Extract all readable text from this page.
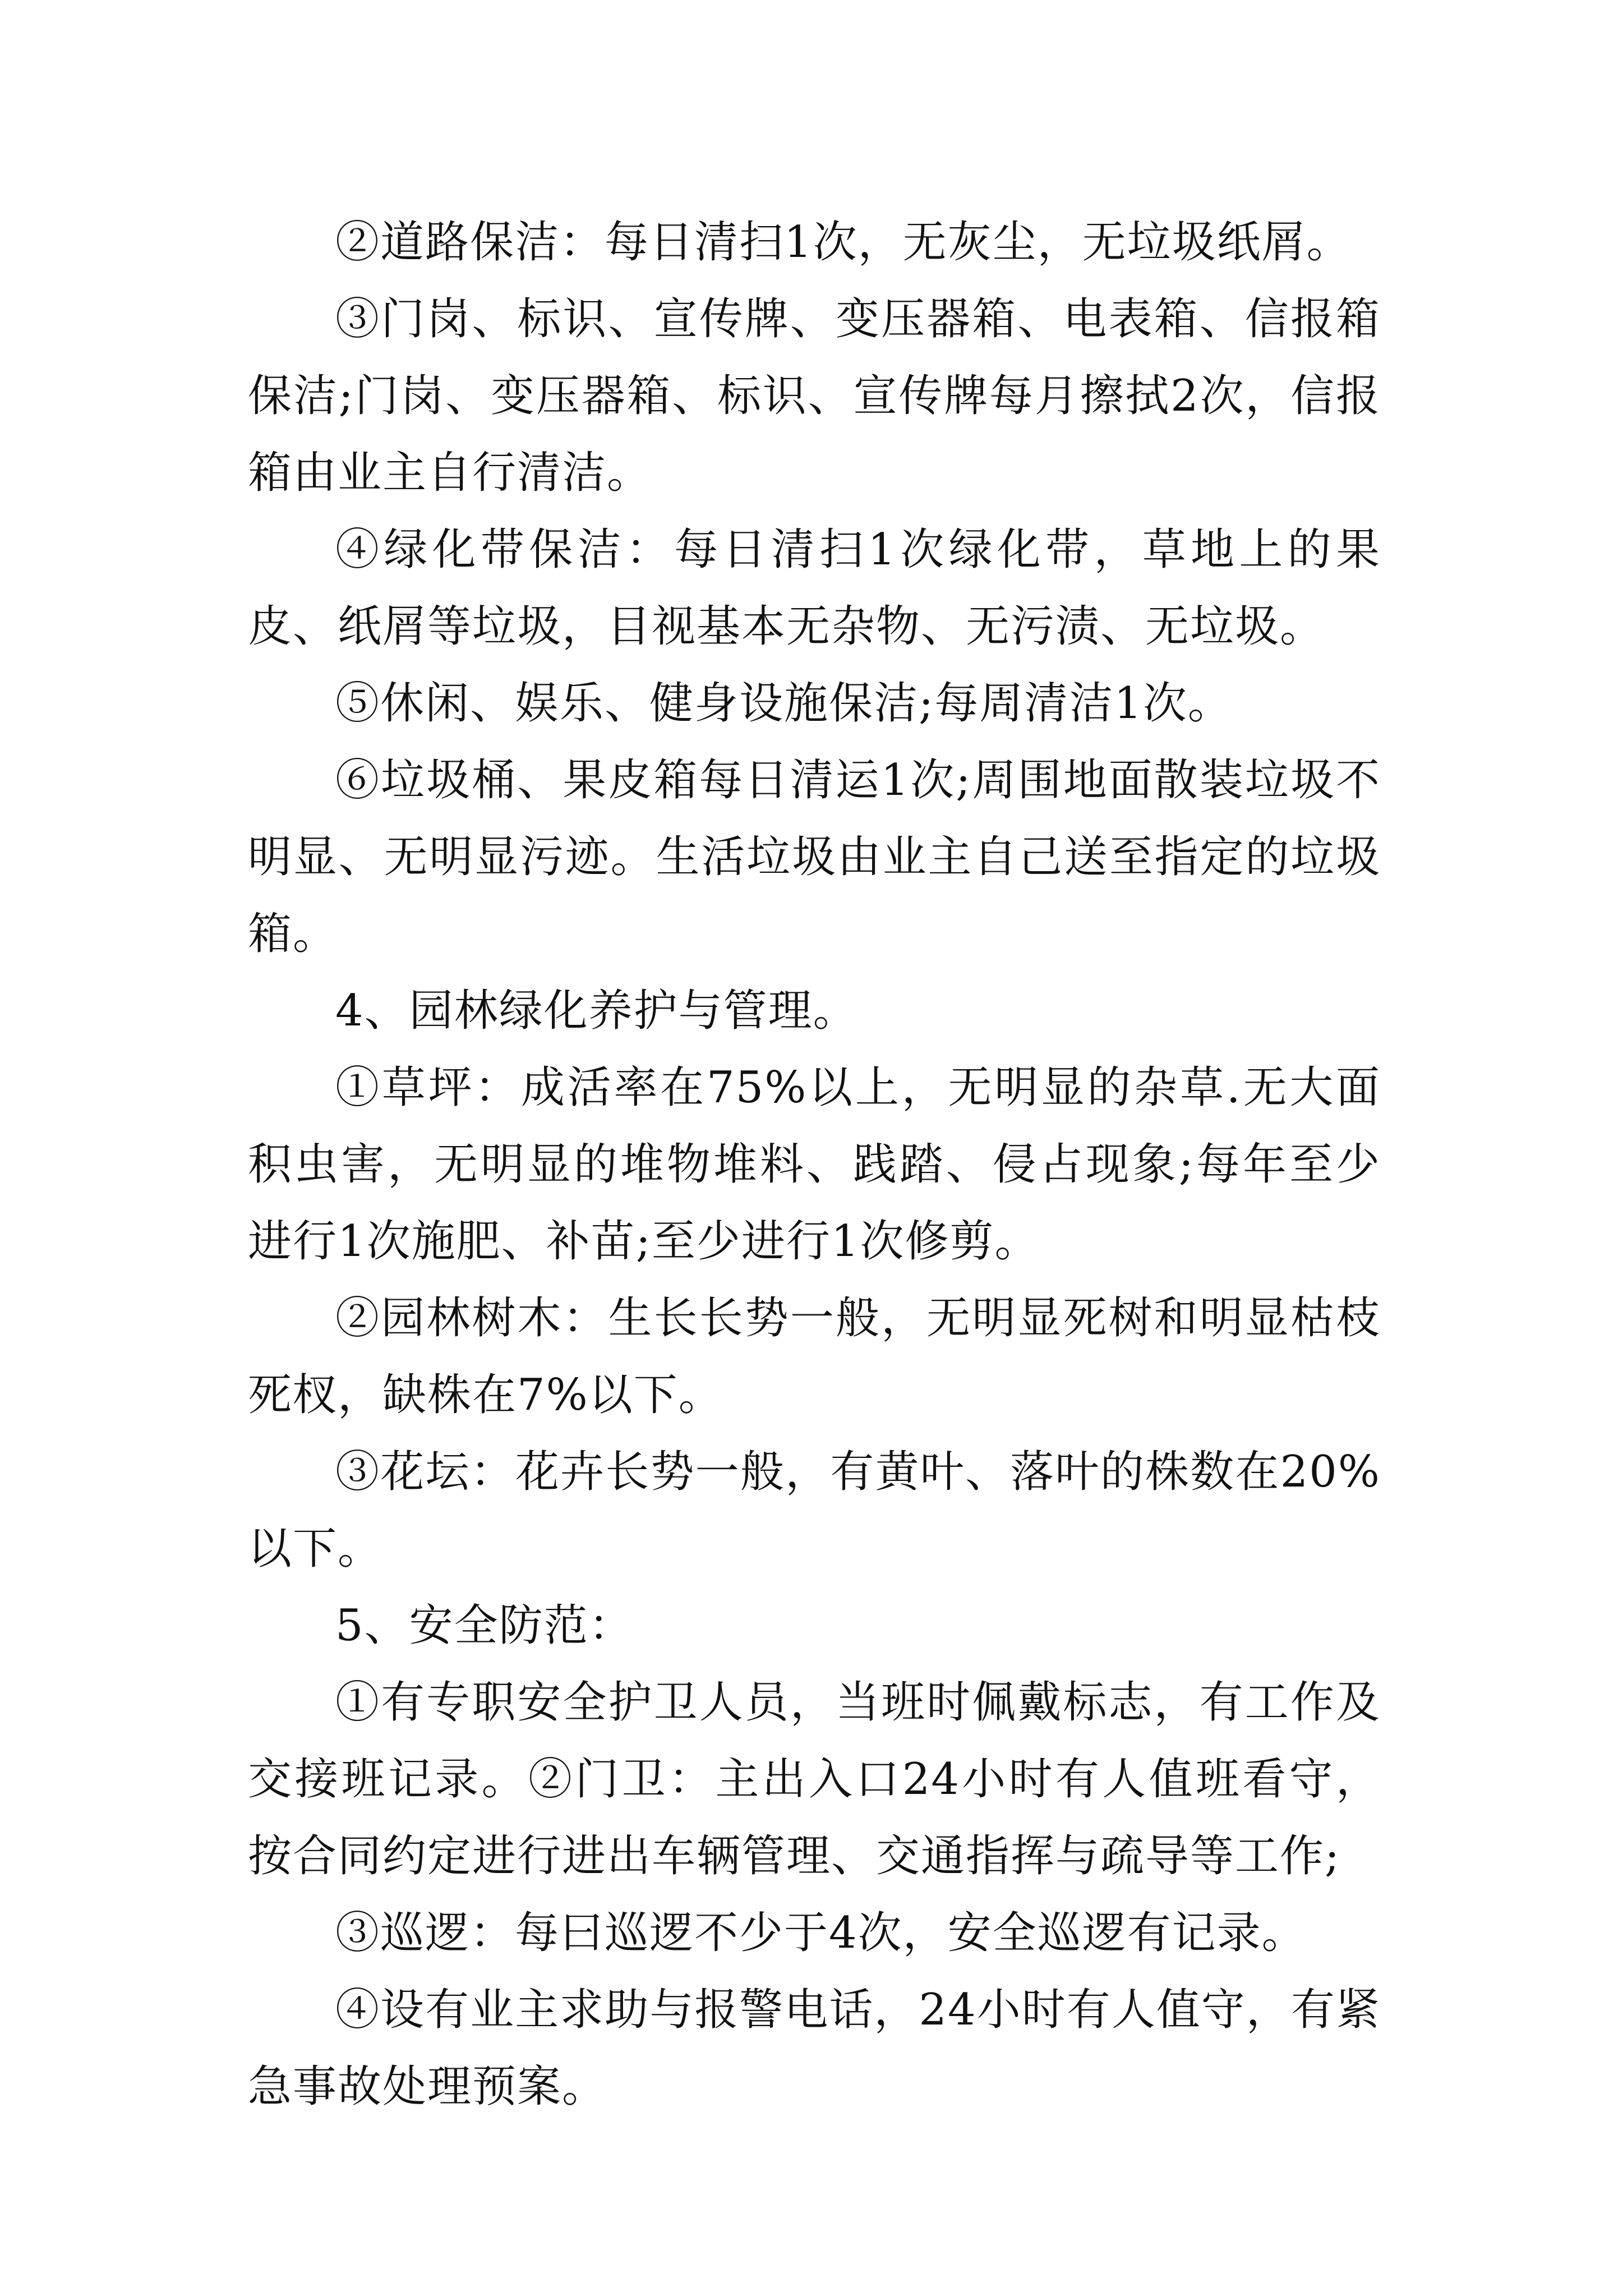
②道路保洁：每日清扫1次，无灰尘，无垃圾纸屑。

③门岗、标识、宣传牌、变压器箱、电表箱、信报箱保洁;门岗、变压器箱、标识、宣传牌每月擦拭2次，信报箱由业主自行清洁。

④绿化带保洁：每日清扫1次绿化带，草地上的果皮、纸屑等垃圾，目视基本无杂物、无污渍、无垃圾。

⑤休闲、娱乐、健身设施保洁;每周清洁1次。

⑥垃圾桶、果皮箱每日清运1次;周围地面散装垃圾不明显、无明显污迹。生活垃圾由业主自己送至指定的垃圾箱。

4、园林绿化养护与管理。

①草坪：成活率在75%以上，无明显的杂草.无大面积虫害，无明显的堆物堆料、践踏、侵占现象;每年至少进行1次施肥、补苗;至少进行1次修剪。

②园林树木：生长长势一般，无明显死树和明显枯枝死杈，缺株在7%以下。

③花坛：花卉长势一般，有黄叶、落叶的株数在20%以下。

5、安全防范：

①有专职安全护卫人员，当班时佩戴标志，有工作及交接班记录。②门卫：主出入口24小时有人值班看守，按合同约定进行进出车辆管理、交通指挥与疏导等工作;

③巡逻：每曰巡逻不少于4次，安全巡逻有记录。

④设有业主求助与报警电话，24小时有人值守，有紧急事故处理预案。
